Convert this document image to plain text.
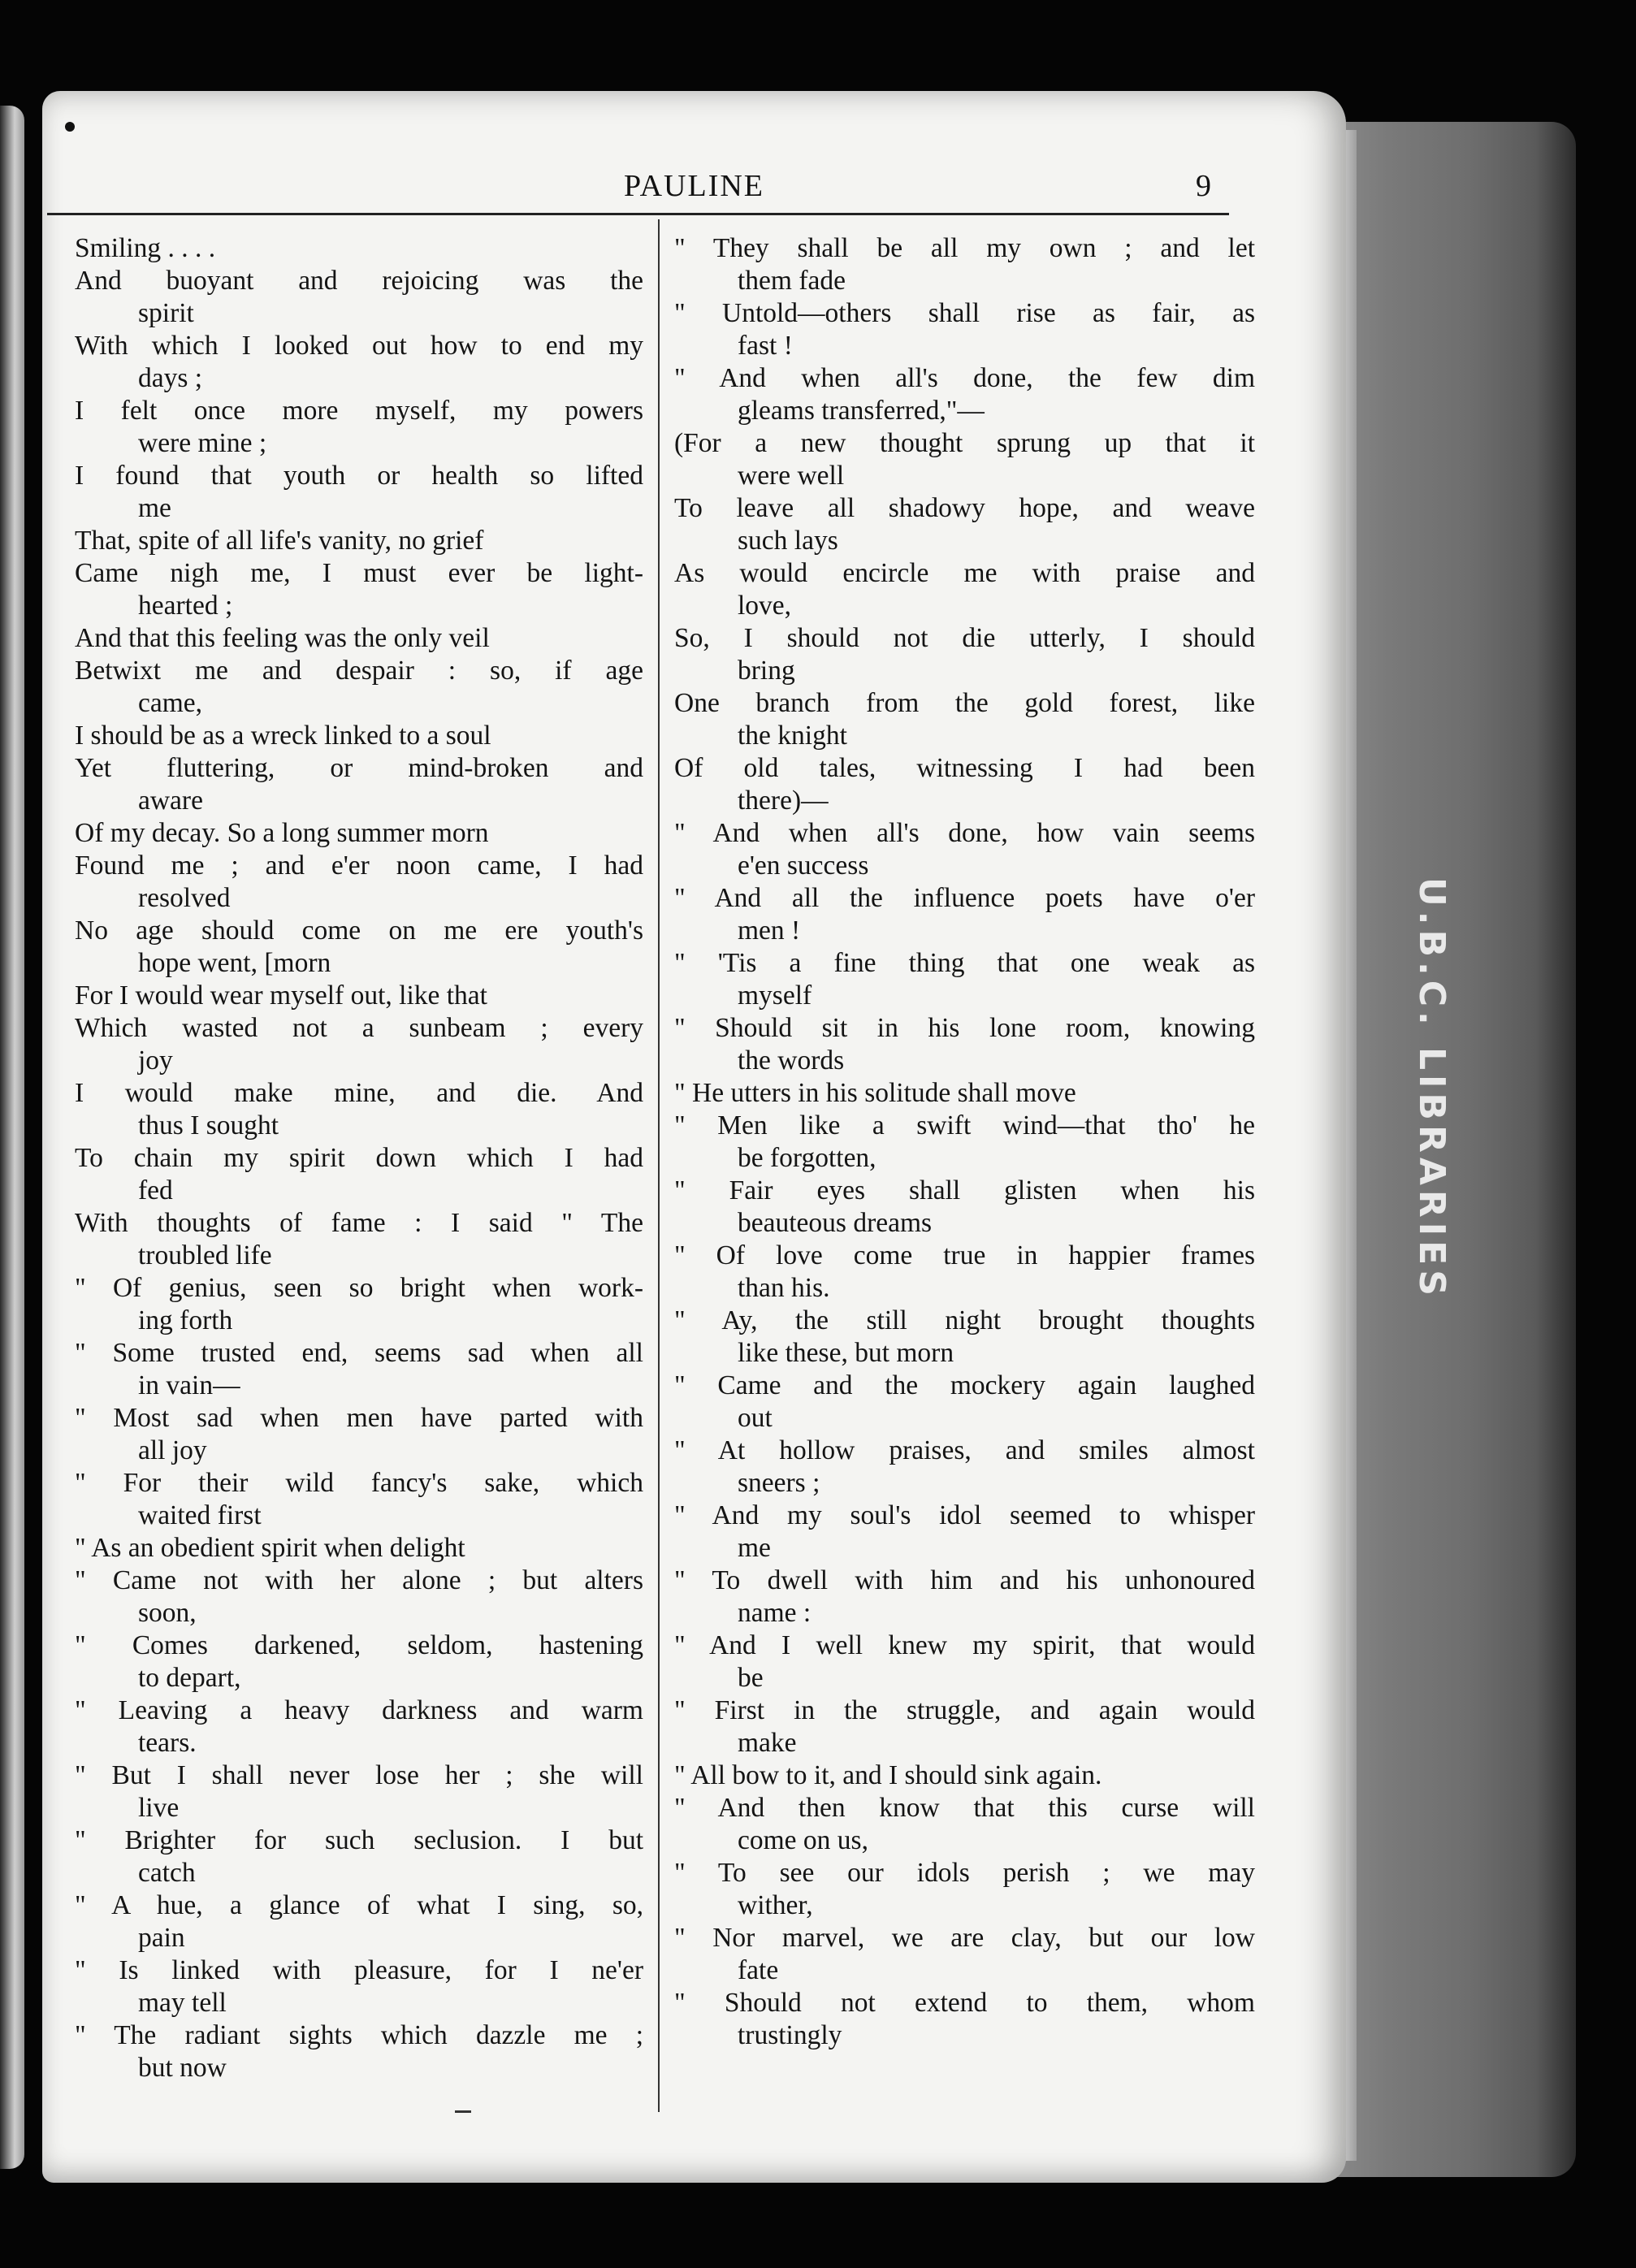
U.B.C. LIBRARIES
PAULINE	9
Smiling . . . .
And buoyant and rejoicing was the
spirit
With which I looked out how to end my
days ;
I felt once more myself, my powers
were mine ;
I found that youth or health so lifted
me
That, spite of all life's vanity, no grief
Came nigh me, I must ever be light-
hearted ;
And that this feeling was the only veil
Betwixt me and despair : so, if age
came,
I should be as a wreck linked to a soul
Yet fluttering, or mind-broken and
aware
Of my decay. So a long summer morn
Found me ; and e'er noon came, I had
resolved
No age should come on me ere youth's
hope went, [morn
For I would wear myself out, like that
Which wasted not a sunbeam ; every
joy
I would make mine, and die. And
thus I sought
To chain my spirit down which I had
fed
With thoughts of fame : I said " The
troubled life
" Of genius, seen so bright when work-
ing forth
" Some trusted end, seems sad when all
in vain—
" Most sad when men have parted with
all joy
" For their wild fancy's sake, which
waited first
" As an obedient spirit when delight
" Came not with her alone ; but alters
soon,
" Comes darkened, seldom, hastening
to depart,
" Leaving a heavy darkness and warm
tears.
" But I shall never lose her ; she will
live
" Brighter for such seclusion. I but
catch
" A hue, a glance of what I sing, so,
pain
" Is linked with pleasure, for I ne'er
may tell
" The radiant sights which dazzle me ;
but now
" They shall be all my own ; and let
them fade
" Untold—others shall rise as fair, as
fast !
" And when all's done, the few dim
gleams transferred,"—
(For a new thought sprung up that it
were well
To leave all shadowy hope, and weave
such lays
As would encircle me with praise and
love,
So, I should not die utterly, I should
bring
One branch from the gold forest, like
the knight
Of old tales, witnessing I had been
there)—
" And when all's done, how vain seems
e'en success
" And all the influence poets have o'er
men !
" 'Tis a fine thing that one weak as
myself
" Should sit in his lone room, knowing
the words
" He utters in his solitude shall move
" Men like a swift wind—that tho' he
be forgotten,
" Fair eyes shall glisten when his
beauteous dreams
" Of love come true in happier frames
than his.
" Ay, the still night brought thoughts
like these, but morn
" Came and the mockery again laughed
out
" At hollow praises, and smiles almost
sneers ;
" And my soul's idol seemed to whisper
me
" To dwell with him and his unhonoured
name :
" And I well knew my spirit, that would
be
" First in the struggle, and again would
make
" All bow to it, and I should sink again.
" And then know that this curse will
come on us,
" To see our idols perish ; we may
wither,
" Nor marvel, we are clay, but our low
fate
" Should not extend to them, whom
trustingly
